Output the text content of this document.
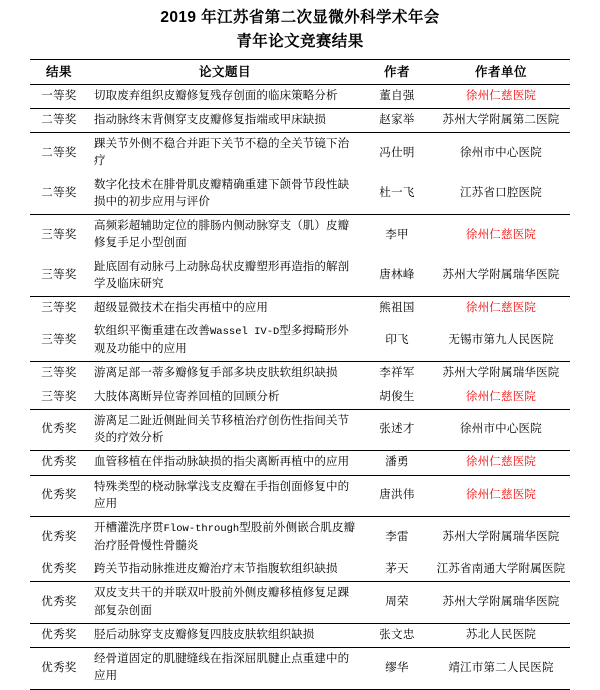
2019 年江苏省第二次显微外科学术年会
青年论文竞赛结果
结果	论文题目	作者	作者单位
一等奖	切取废弃组织皮瓣修复残存创面的临床策略分析	董自强	徐州仁慈医院
二等奖	指动脉终末背侧穿支皮瓣修复指端或甲床缺损	赵家举	苏州大学附属第二医院
二等奖	踝关节外侧不稳合并距下关节不稳的全关节镜下治疗	冯仕明	徐州市中心医院
二等奖	数字化技术在腓骨肌皮瓣精确重建下颌骨节段性缺损中的初步应用与评价	杜一飞	江苏省口腔医院
三等奖	高频彩超辅助定位的腓肠内侧动脉穿支（肌）皮瓣修复手足小型创面	李甲	徐州仁慈医院
三等奖	趾底固有动脉弓上动脉岛状皮瓣塑形再造指的解剖学及临床研究	唐林峰	苏州大学附属瑞华医院
三等奖	超级显微技术在指尖再植中的应用	熊祖国	徐州仁慈医院
三等奖	软组织平衡重建在改善Wassel IV-D型多拇畸形外观及功能中的应用	印飞	无锡市第九人民医院
三等奖	游离足部一蒂多瓣修复手部多块皮肤软组织缺损	李祥军	苏州大学附属瑞华医院
三等奖	大肢体离断异位寄养回植的回顾分析	胡俊生	徐州仁慈医院
优秀奖	游离足二趾近侧趾间关节移植治疗创伤性指间关节炎的疗效分析	张述才	徐州市中心医院
优秀奖	血管移植在伴指动脉缺损的指尖离断再植中的应用	潘勇	徐州仁慈医院
优秀奖	特殊类型的桡动脉掌浅支皮瓣在手指创面修复中的应用	唐洪伟	徐州仁慈医院
优秀奖	开槽灌洗序贯Flow-through型股前外侧嵌合肌皮瓣治疗胫骨慢性骨髓炎	李雷	苏州大学附属瑞华医院
优秀奖	跨关节指动脉推进皮瓣治疗末节指腹软组织缺损	茅天	江苏省南通大学附属医院
优秀奖	双皮支共干的并联双叶股前外侧皮瓣移植修复足踝部复杂创面	周荣	苏州大学附属瑞华医院
优秀奖	胫后动脉穿支皮瓣修复四肢皮肤软组织缺损	张文忠	苏北人民医院
优秀奖	经骨道固定的肌腱缝线在指深屈肌腱止点重建中的应用	缪华	靖江市第二人民医院
